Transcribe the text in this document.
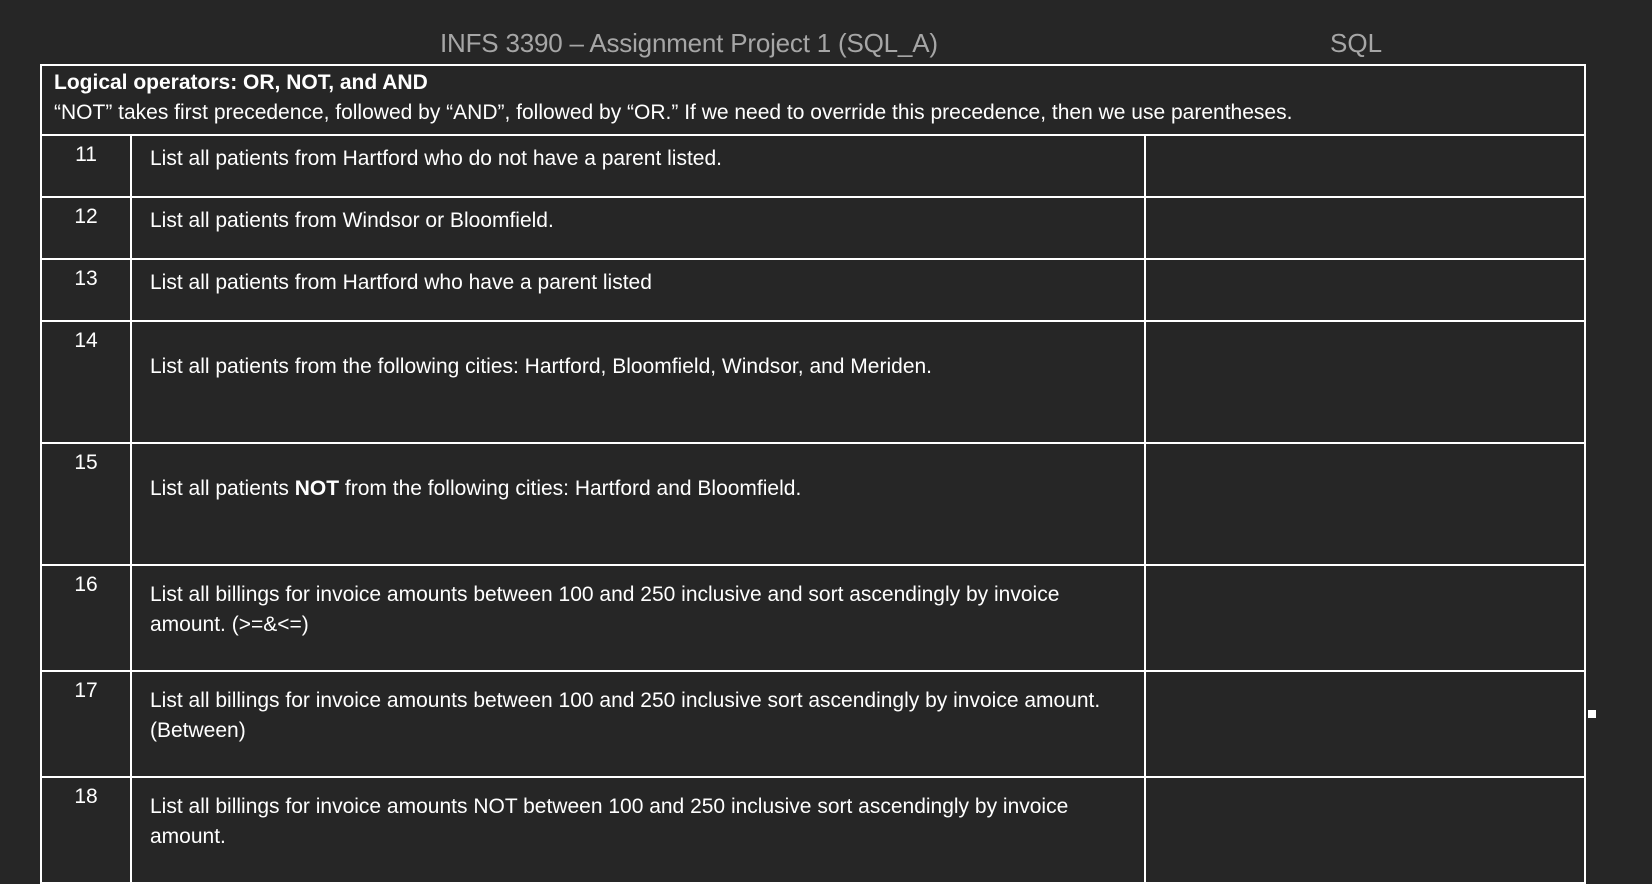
INFS 3390 – Assignment Project 1 (SQL_A)	SQL
Logical operators: OR, NOT, and AND
“NOT” takes first precedence, followed by “AND”, followed by “OR.” If we need to override this precedence, then we use parentheses.		

11	List all patients from Hartford who do not have a parent listed.	
12	List all patients from Windsor or Bloomfield.	
13	List all patients from Hartford who have a parent listed	
14	List all patients from the following cities: Hartford, Bloomfield, Windsor, and Meriden.	
15	List all patients NOT from the following cities: Hartford and Bloomfield.	
16	List all billings for invoice amounts between 100 and 250 inclusive and sort ascendingly by invoice amount. (>=&<=)	
17	List all billings for invoice amounts between 100 and 250 inclusive sort ascendingly by invoice amount. (Between)	
18	List all billings for invoice amounts NOT between 100 and 250 inclusive sort ascendingly by invoice amount.	
